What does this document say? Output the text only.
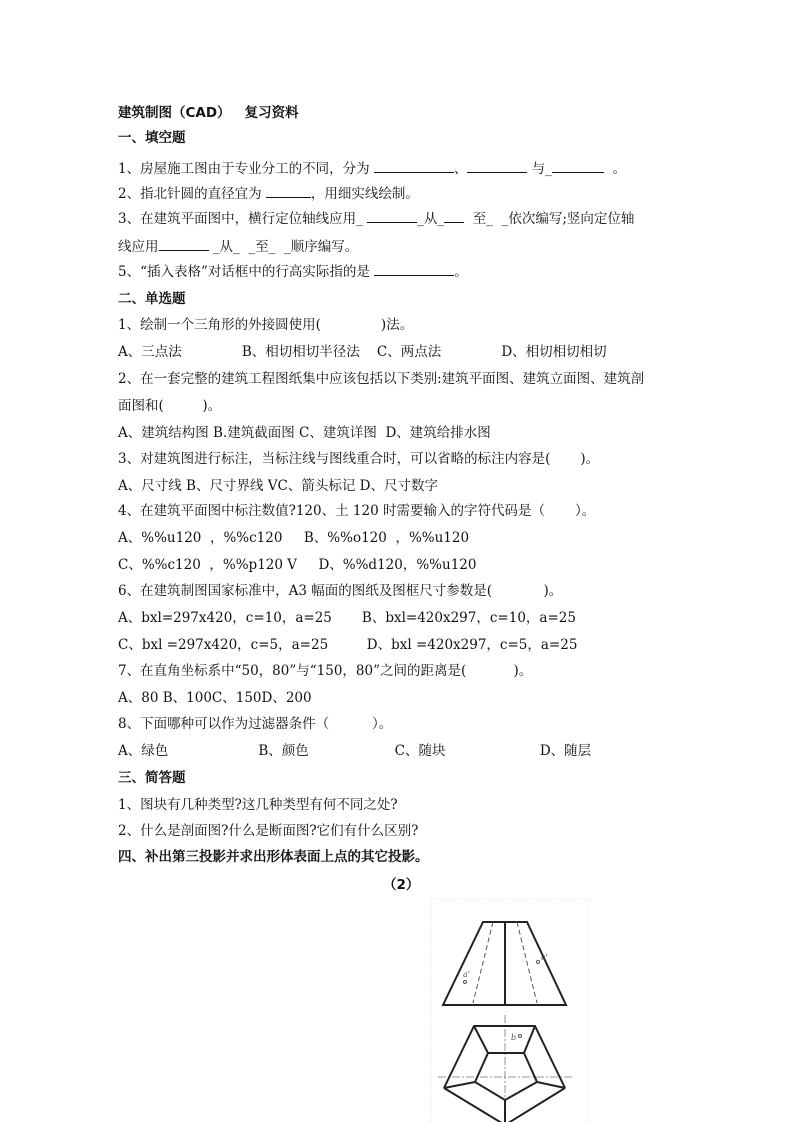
建筑制图（CAD）   复习资料
一、填空题
1、房屋施工图由于专业分工的不同，分为	、	与_	。
2、指北针圆的直径宜为	，用细实线绘制。
3、在建筑平面图中，横行定位轴线应用_	_从_  至_  _依次编写;竖向定位轴
线应用	_从_  _至_  _顺序编写。
5、“插入表格”对话框中的行高实际指的是	。
二、单选题
1、绘制一个三角形的外接圆使用(              )法。
A、三点法              B、相切相切半径法    C、两点法              D、相切相切相切
2、在一套完整的建筑工程图纸集中应该包括以下类别:建筑平面图、建筑立面图、建筑剖
面图和(         )。
A、建筑结构图 B.建筑截面图 C、建筑详图  D、建筑给排水图
3、对建筑图进行标注，当标注线与图线重合时，可以省略的标注内容是(       )。
A、尺寸线 B、尺寸界线 VC、箭头标记 D、尺寸数字
4、在建筑平面图中标注数值?120、土 120 时需要输入的字符代码是（       ）。
A、%%u120  ，%%c120     B、%%o120  ，%%u120
C、%%c120  ，%%p120 V     D、%%d120，%%u120
6、在建筑制图国家标准中，A3 幅面的图纸及图框尺寸参数是(            )。
A、bxl=297x420，c=10，a=25       B、bxl=420x297，c=10，a=25
C、bxl =297x420，c=5，a=25         D、bxl =420x297，c=5，a=25
7、在直角坐标系中“50，80”与“150，80”之间的距离是(           )。
A、80 B、100C、150D、200
8、下面哪种可以作为过滤器条件（          ）。
A、绿色                     B、颜色                    C、随块                      D、随层
三、简答题
1、图块有几种类型?这几种类型有何不同之处?
2、什么是剖面图?什么是断面图?它们有什么区别?
四、补出第三投影并求出形体表面上点的其它投影。
（2）
a'
c'
b
